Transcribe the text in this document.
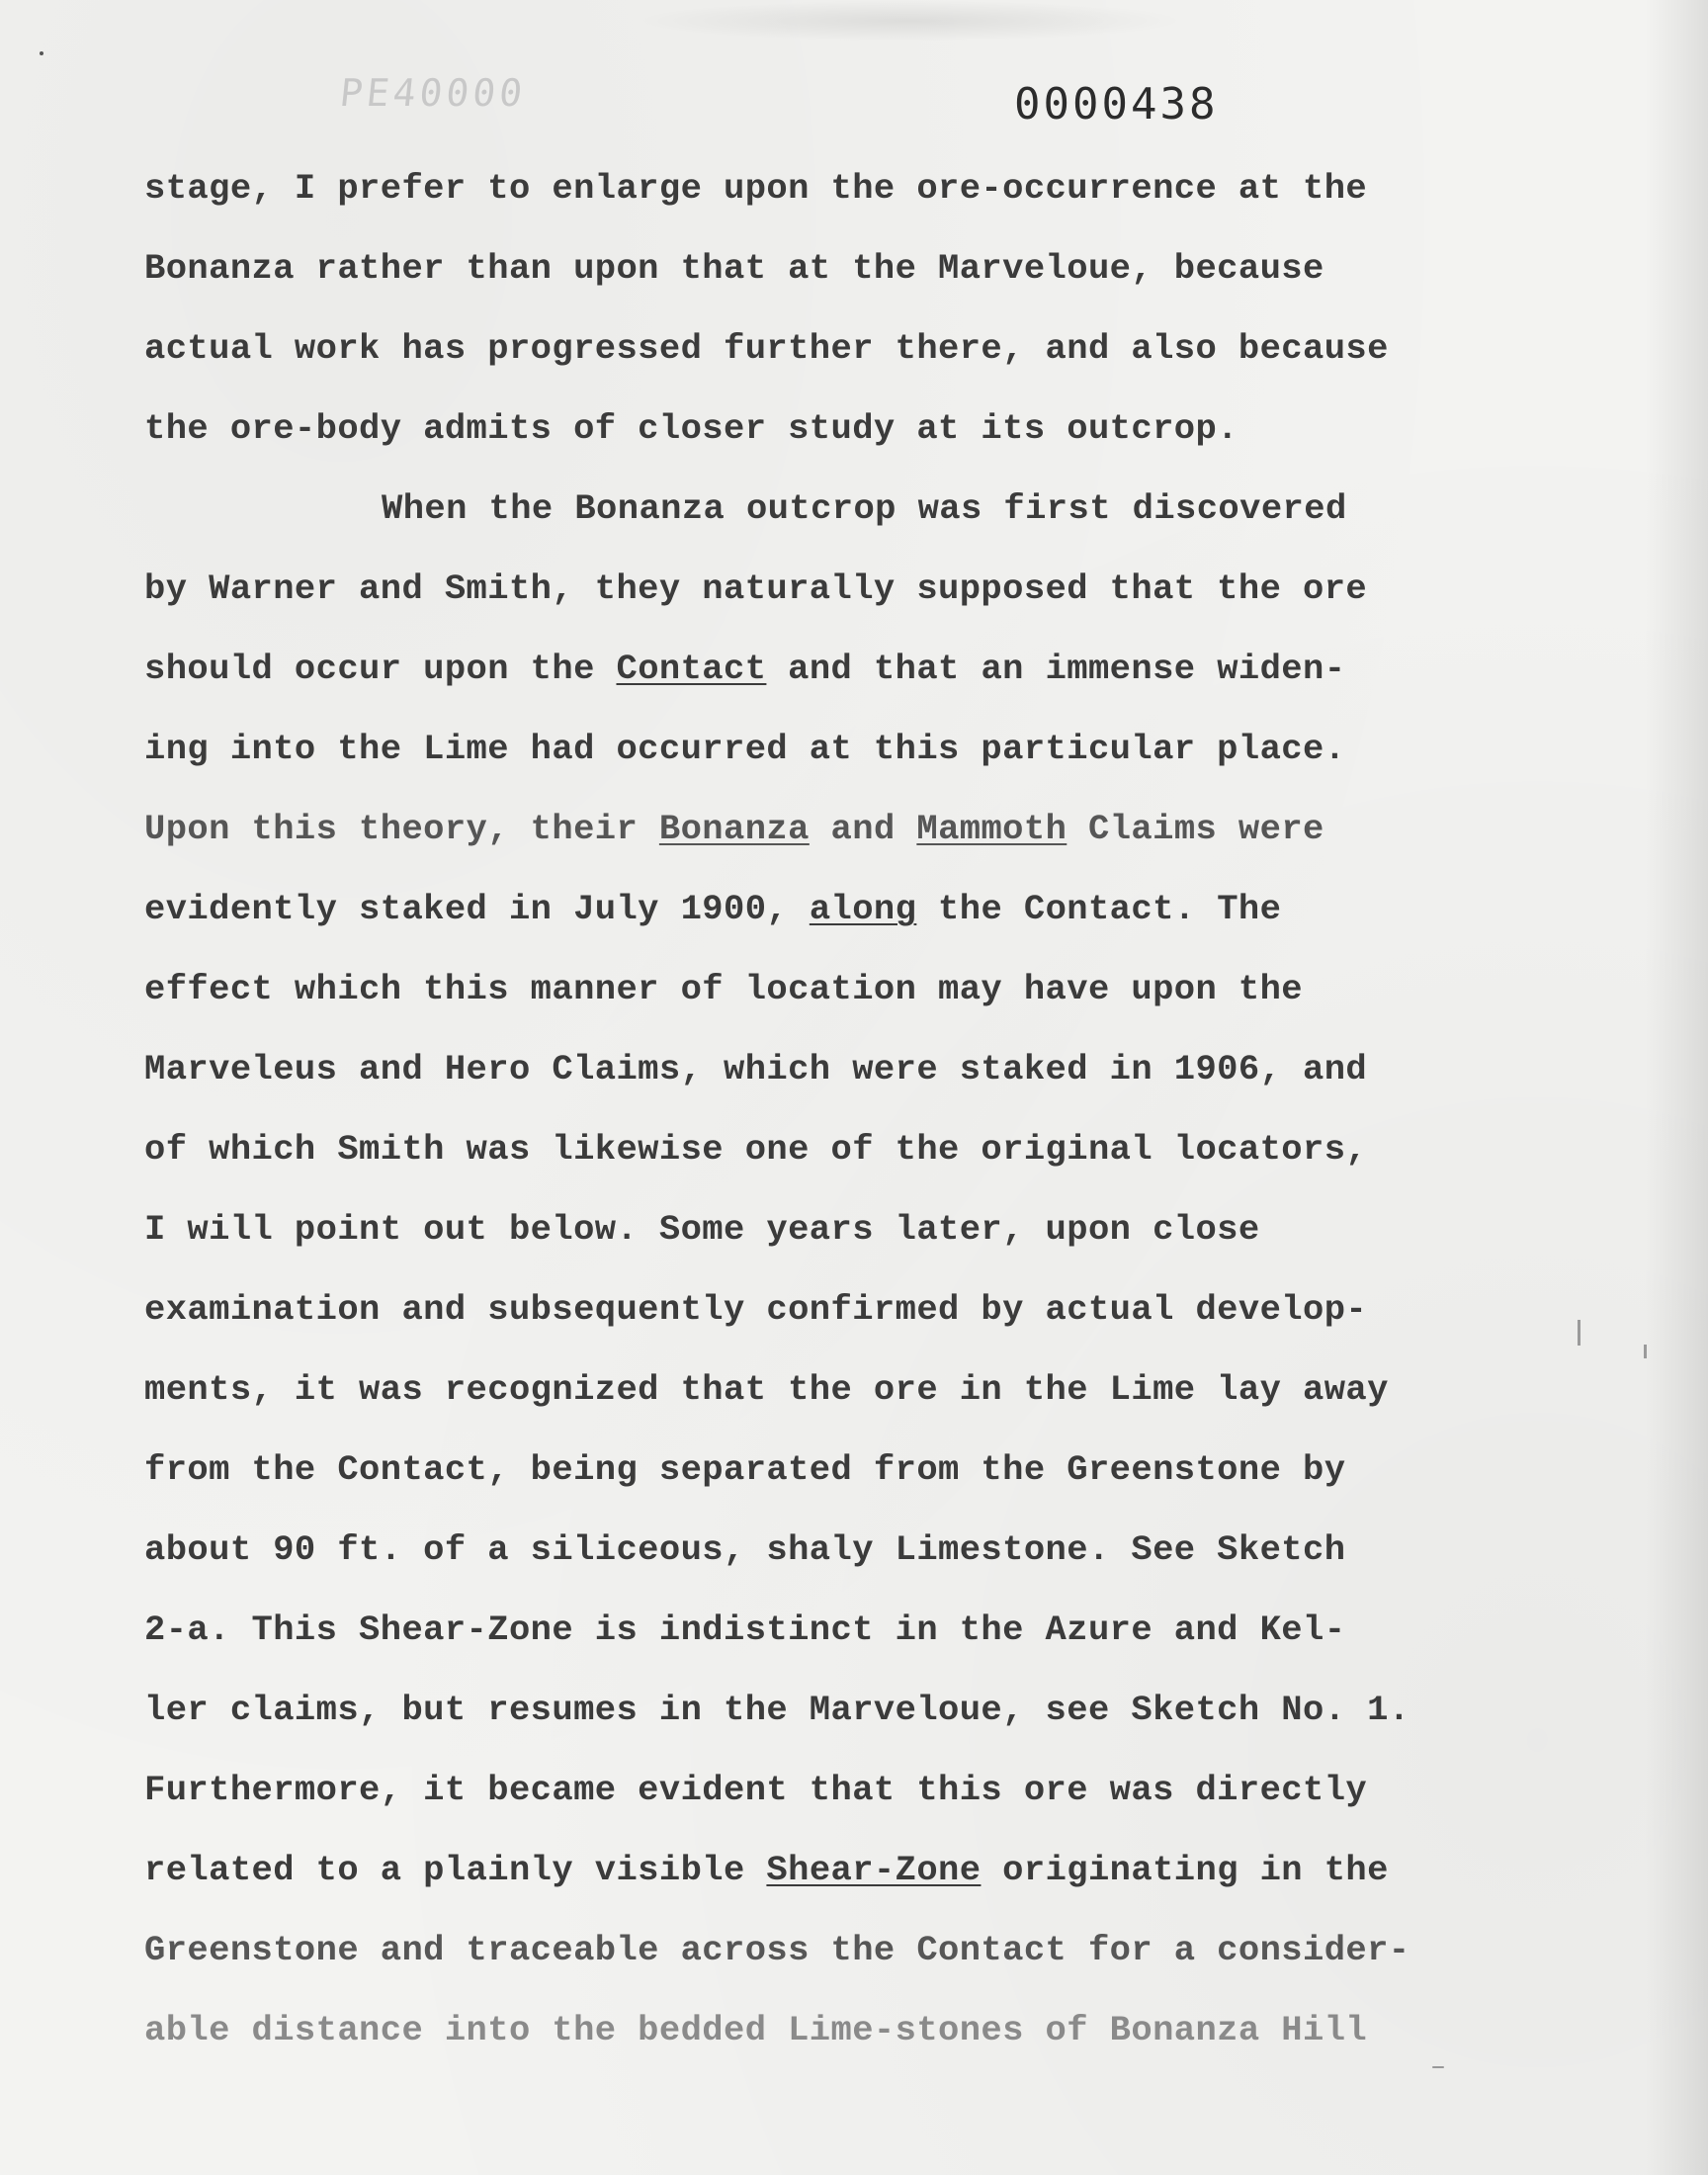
PE40000	0000438
stage, I prefer to enlarge upon the ore-occurrence at the
Bonanza rather than upon that at the Marveloue, because
actual work has progressed further there, and also because
the ore-body admits of closer study at its outcrop.
When the Bonanza outcrop was first discovered
by Warner and Smith, they naturally supposed that the ore
should occur upon the Contact and that an immense widen-
ing into the Lime had occurred at this particular place.
Upon this theory, their Bonanza and Mammoth Claims were
evidently staked in July 1900, along the Contact. The
effect which this manner of location may have upon the
Marveleus and Hero Claims, which were staked in 1906, and
of which Smith was likewise one of the original locators,
I will point out below. Some years later, upon close
examination and subsequently confirmed by actual develop-
ments, it was recognized that the ore in the Lime lay away
from the Contact, being separated from the Greenstone by
about 90 ft. of a siliceous, shaly Limestone. See Sketch
2-a. This Shear-Zone is indistinct in the Azure and Kel-
ler claims, but resumes in the Marveloue, see Sketch No. 1.
Furthermore, it became evident that this ore was directly
related to a plainly visible Shear-Zone originating in the
Greenstone and traceable across the Contact for a consider-
able distance into the bedded Lime-stones of Bonanza Hill
